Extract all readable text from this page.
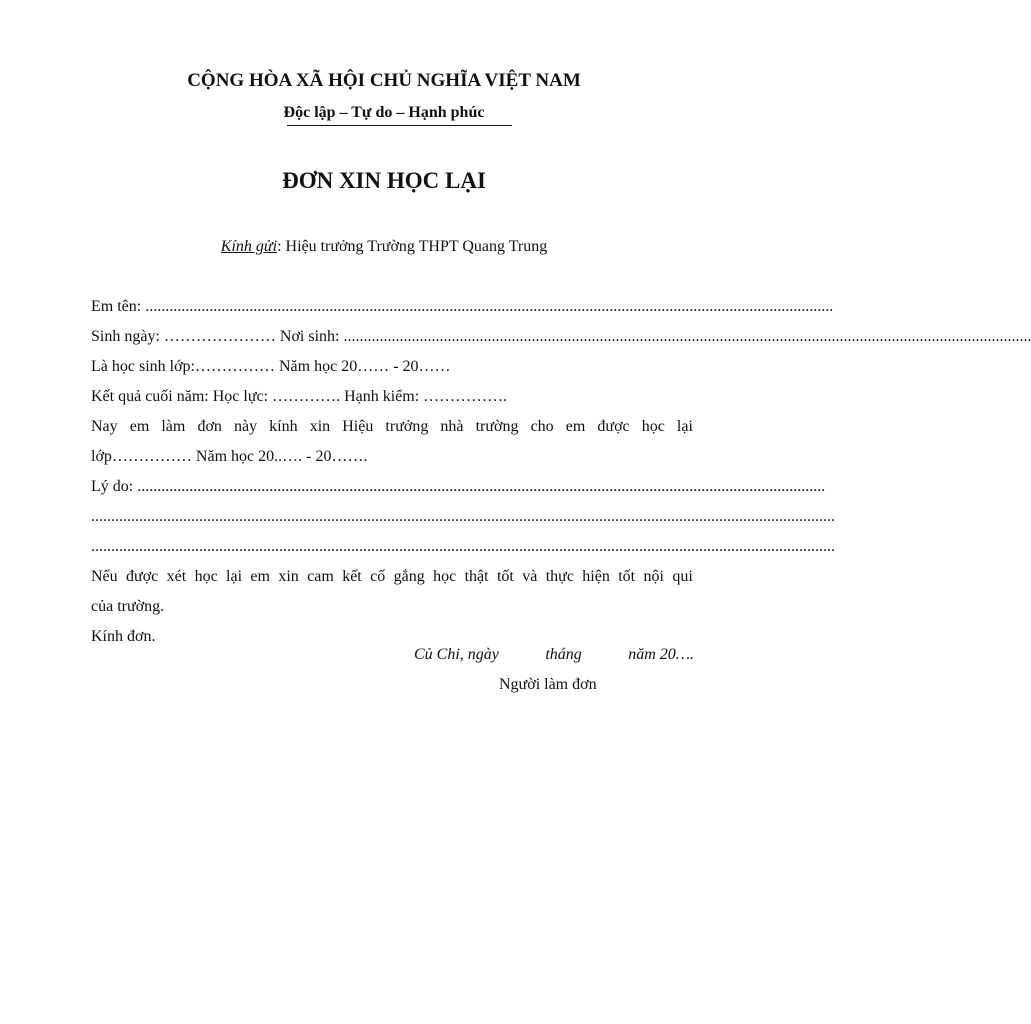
CỘNG HÒA XÃ HỘI CHỦ NGHĨA VIỆT NAM
Độc lập – Tự do – Hạnh phúc
ĐƠN XIN HỌC LẠI
Kính gửi: Hiệu trưởng Trường THPT Quang Trung
Em tên: ............................................................................................................................................................................
Sinh ngày: ………………… Nơi sinh: ............................................................................................................................................................................
Là học sinh lớp:…………… Năm học 20…… - 20……
Kết quả cuối năm: Học lực: …………. Hạnh kiểm: …………….
Nay em làm đơn này kính xin Hiệu trưởng nhà trường cho em được học lại
lớp…………… Năm học 20..…. - 20…….
Lý do: ............................................................................................................................................................................
..........................................................................................................................................................................................
..........................................................................................................................................................................................
Nếu được xét học lại em xin cam kết cố gắng học thật tốt và thực hiện tốt nội qui
của trường.
Kính đơn.
Củ Chi, ngày	tháng	năm 20….
Người làm đơn
